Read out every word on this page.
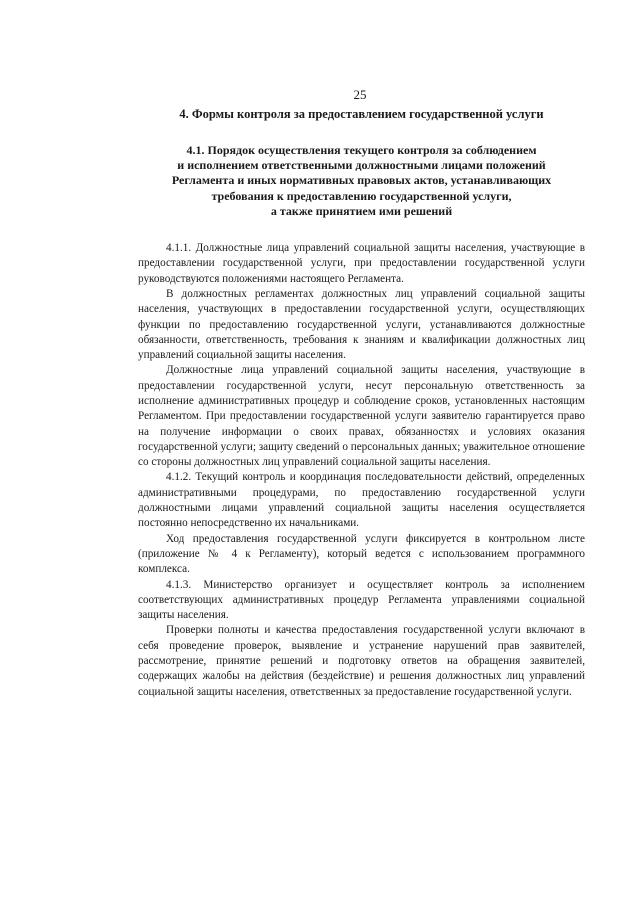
25
4. Формы контроля за предоставлением государственной услуги
4.1. Порядок осуществления текущего контроля за соблюдением
и исполнением ответственными должностными лицами положений
Регламента и иных нормативных правовых актов, устанавливающих
требования к предоставлению государственной услуги,
а также принятием ими решений

4.1.1. Должностные лица управлений социальной защиты населения, участвующие в предоставлении государственной услуги, при предоставлении государственной услуги руководствуются положениями настоящего Регламента.

В должностных регламентах должностных лиц управлений социальной защиты населения, участвующих в предоставлении государственной услуги, осуществляющих функции по предоставлению государственной услуги, устанавливаются должностные обязанности, ответственность, требования к знаниям и квалификации должностных лиц управлений социальной защиты населения.

Должностные лица управлений социальной защиты населения, участвующие в предоставлении государственной услуги, несут персональную ответственность за исполнение административных процедур и соблюдение сроков, установленных настоящим Регламентом. При предоставлении государственной услуги заявителю гарантируется право на получение информации о своих правах, обязанностях и условиях оказания государственной услуги; защиту сведений о персональных данных; уважительное отношение со стороны должностных лиц управлений социальной защиты населения.

4.1.2. Текущий контроль и координация последовательности действий, определенных административными процедурами, по предоставлению государственной услуги должностными лицами управлений социальной защиты населения осуществляется постоянно непосредственно их начальниками.

Ход предоставления государственной услуги фиксируется в контрольном листе (приложение № 4 к Регламенту), который ведется с использованием программного комплекса.

4.1.3. Министерство организует и осуществляет контроль за исполнением соответствующих административных процедур Регламента управлениями социальной защиты населения.

Проверки полноты и качества предоставления государственной услуги включают в себя проведение проверок, выявление и устранение нарушений прав заявителей, рассмотрение, принятие решений и подготовку ответов на обращения заявителей, содержащих жалобы на действия (бездействие) и решения должностных лиц управлений социальной защиты населения, ответственных за предоставление государственной услуги.
